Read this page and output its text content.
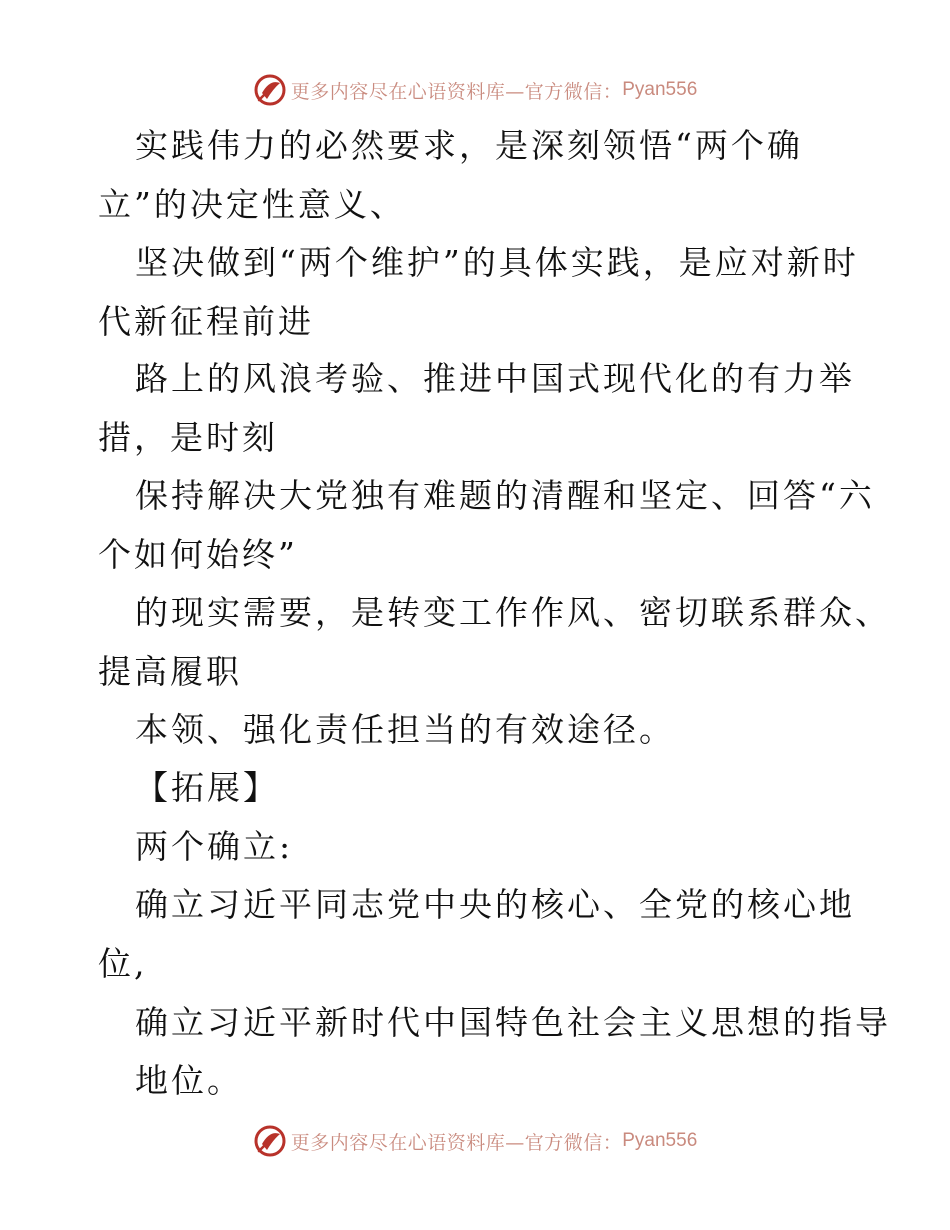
更多内容尽在心语资料库—官方微信： Pyan556
实践伟力的必然要求，是深刻领悟“两个确
立”的决定性意义、
坚决做到“两个维护”的具体实践，是应对新时
代新征程前进
路上的风浪考验、推进中国式现代化的有力举
措，是时刻
保持解决大党独有难题的清醒和坚定、回答“六
个如何始终”
的现实需要，是转变工作作风、密切联系群众、
提高履职
本领、强化责任担当的有效途径。
【拓展】
两个确立:
确立习近平同志党中央的核心、全党的核心地
位,
确立习近平新时代中国特色社会主义思想的指导
地位。
更多内容尽在心语资料库—官方微信： Pyan556
